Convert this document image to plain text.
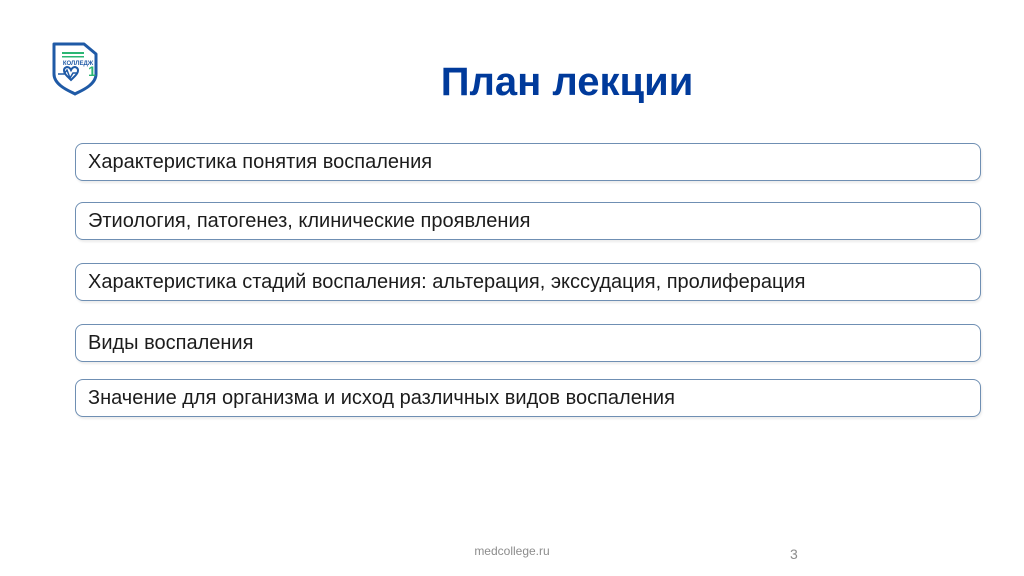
КОЛЛЕДЖ
1	План лекции
Характеристика понятия воспаления
Этиология, патогенез, клинические проявления
Характеристика стадий воспаления: альтерация, экссудация, пролиферация
Виды воспаления
Значение для организма и исход различных видов воспаления
medcollege.ru	3
